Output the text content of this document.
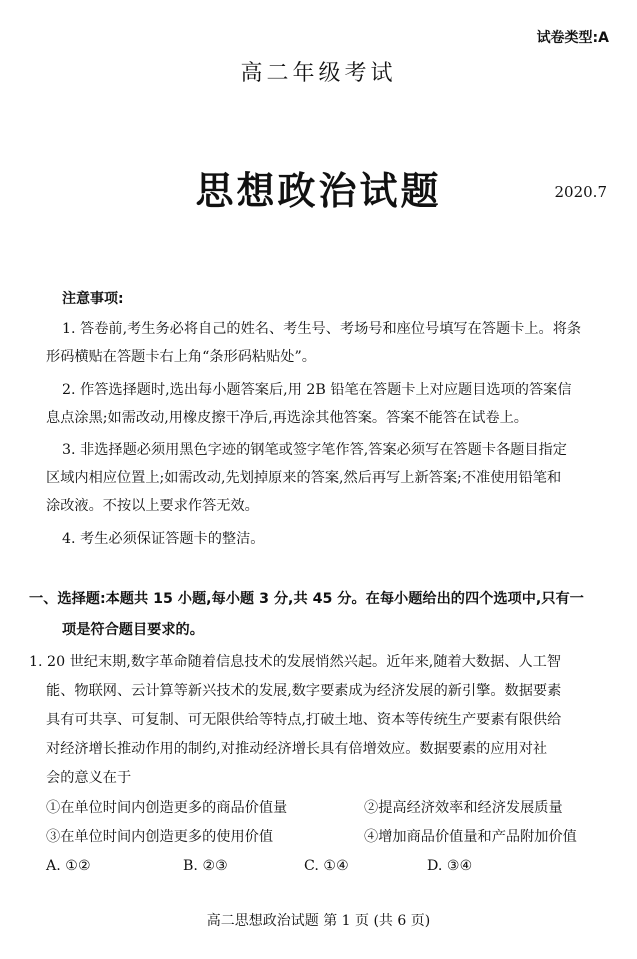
试卷类型:A
高二年级考试
思想政治试题	2020.7
注意事项:
1. 答卷前,考生务必将自己的姓名、考生号、考场号和座位号填写在答题卡上。将条
形码横贴在答题卡右上角“条形码粘贴处”。
2. 作答选择题时,选出每小题答案后,用 2B 铅笔在答题卡上对应题目选项的答案信
息点涂黑;如需改动,用橡皮擦干净后,再选涂其他答案。答案不能答在试卷上。
3. 非选择题必须用黑色字迹的钢笔或签字笔作答,答案必须写在答题卡各题目指定
区域内相应位置上;如需改动,先划掉原来的答案,然后再写上新答案;不准使用铅笔和
涂改液。不按以上要求作答无效。
4. 考生必须保证答题卡的整洁。
一、选择题:本题共 15 小题,每小题 3 分,共 45 分。在每小题给出的四个选项中,只有一
项是符合题目要求的。
1. 20 世纪末期,数字革命随着信息技术的发展悄然兴起。近年来,随着大数据、人工智
能、物联网、云计算等新兴技术的发展,数字要素成为经济发展的新引擎。数据要素
具有可共享、可复制、可无限供给等特点,打破土地、资本等传统生产要素有限供给
对经济增长推动作用的制约,对推动经济增长具有倍增效应。数据要素的应用对社
会的意义在于
①在单位时间内创造更多的商品价值量	②提高经济效率和经济发展质量
③在单位时间内创造更多的使用价值	④增加商品价值量和产品附加价值
A. ①②	B. ②③	C. ①④	D. ③④
高二思想政治试题 第 1 页 (共 6 页)
